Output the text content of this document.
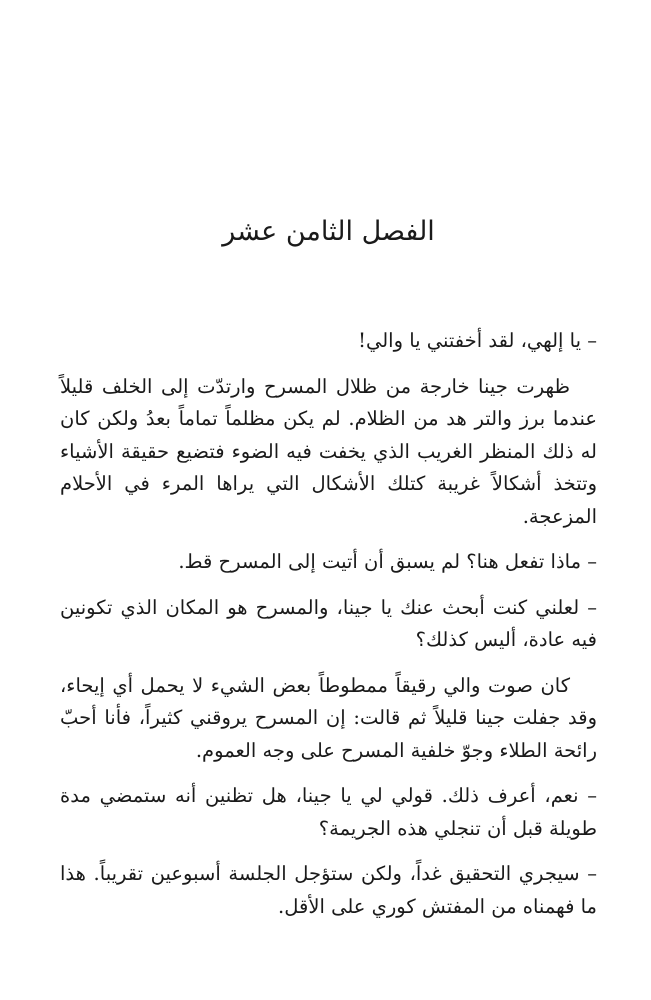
الفصل الثامن عشر

– يا إلهي، لقد أخفتني يا والي!

ظهرت جينا خارجة من ظلال المسرح وارتدّت إلى الخلف قليلاً عندما برز والتر هد من الظلام. لم يكن مظلماً تماماً بعدُ ولكن كان له ذلك المنظر الغريب الذي يخفت فيه الضوء فتضيع حقيقة الأشياء وتتخذ أشكالاً غريبة كتلك الأشكال التي يراها المرء في الأحلام المزعجة.

– ماذا تفعل هنا؟ لم يسبق أن أتيت إلى المسرح قط.

– لعلني كنت أبحث عنك يا جينا، والمسرح هو المكان الذي تكونين فيه عادة، أليس كذلك؟

كان صوت والي رقيقاً ممطوطاً بعض الشيء لا يحمل أي إيحاء، وقد جفلت جينا قليلاً ثم قالت: إن المسرح يروقني كثيراً، فأنا أحبّ رائحة الطلاء وجوّ خلفية المسرح على وجه العموم.

– نعم، أعرف ذلك. قولي لي يا جينا، هل تظنين أنه ستمضي مدة طويلة قبل أن تنجلي هذه الجريمة؟

– سيجري التحقيق غداً، ولكن ستؤجل الجلسة أسبوعين تقريباً. هذا ما فهمناه من المفتش كوري على الأقل.
